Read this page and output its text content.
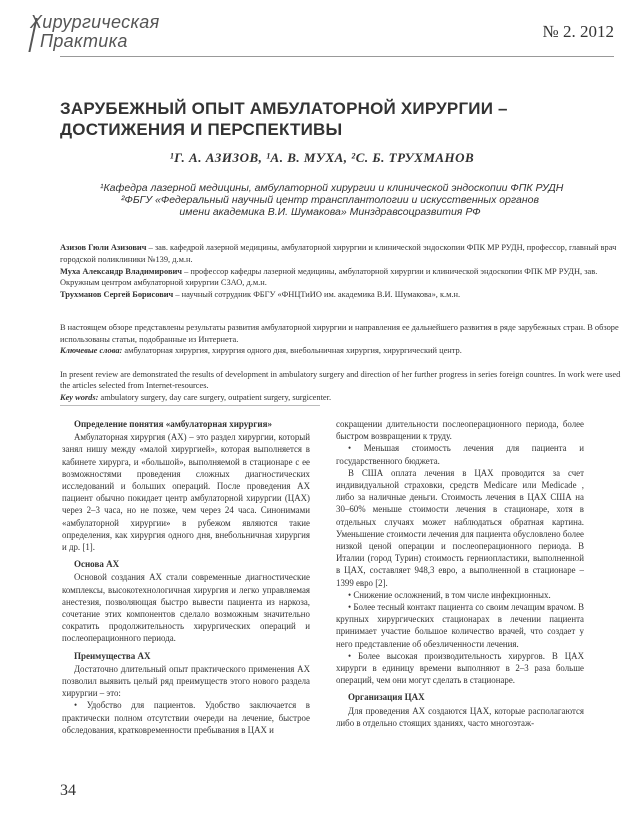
Хирургическая
Практика	№ 2. 2012
ЗАРУБЕЖНЫЙ ОПЫТ АМБУЛАТОРНОЙ ХИРУРГИИ – ДОСТИЖЕНИЯ И ПЕРСПЕКТИВЫ
¹Г. А. АЗИЗОВ, ¹А. В. МУХА, ²С. Б. ТРУХМАНОВ
¹Кафедра лазерной медицины, амбулаторной хирургии и клинической эндоскопии ФПК РУДН
²ФБГУ «Федеральный научный центр трансплантологии и искусственных органов
имени академика В.И. Шумакова» Минздравсоцразвития РФ

Азизов Гюли Азизович – зав. кафедрой лазерной медицины, амбулаторной хирургии и клинической эндоскопии ФПК МР РУДН, профессор, главный врач городской поликлиники №139, д.м.н.

Муха Александр Владимирович – профессор кафедры лазерной медицины, амбулаторной хирургии и клинической эндоскопии ФПК МР РУДН, зав. Окружным центром амбулаторной хирургии СЗАО, д.м.н.

Трухманов Сергей Борисович – научный сотрудник ФБГУ «ФНЦТиИО им. академика В.И. Шумакова», к.м.н.

В настоящем обзоре представлены результаты развития амбулаторной хирургии и направления ее дальнейшего развития в ряде зарубежных стран. В обзоре использованы статьи, подобранные из Интернета.

Ключевые слова: амбулаторная хирургия, хирургия одного дня, внебольничная хирургия, хирургический центр.

In present review are demonstrated the results of development in ambulatory surgery and direction of her further progress in series foreign countres. In work were used the articles selected from Internet-resources.

Key words: ambulatory surgery, day care surgery, outpatient surgery, surgicenter.

Определение понятия «амбулаторная хирургия»

Амбулаторная хирургия (АХ) – это раздел хирургии, который занял нишу между «малой хирургией», которая выполняется в кабинете хирурга, и «большой», выполняемой в стационаре с ее возможностями проведения сложных диагностических исследований и больших операций. После проведения АХ пациент обычно покидает центр амбулаторной хирургии (ЦАХ) через 2–3 часа, но не позже, чем через 24 часа. Синонимами «амбулаторной хирургии» в рубежом являются такие определения, как хирургия одного дня, внебольничная хирургия и др. [1].

Основа АХ

Основой создания АХ стали современные диагностические комплексы, высокотехнологичная хирургия и легко управляемая анестезия, позволяющая быстро вывести пациента из наркоза, сочетание этих компонентов сделало возможным значительно сократить продолжительность хирургических операций и послеоперационного периода.

Преимущества АХ

Достаточно длительный опыт практического применения АХ позволил выявить целый ряд преимуществ этого нового раздела хирургии – это:

• Удобство для пациентов. Удобство заключается в практически полном отсутствии очереди на лечение, быстрое обследования, кратковременности пребывания в ЦАХ и

сокращении длительности послеоперационного периода, более быстром возвращении к труду.

• Меньшая стоимость лечения для пациента и государственного бюджета.

В США оплата лечения в ЦАХ проводится за счет индивидуальной страховки, средств Medicare или Medicade , либо за наличные деньги. Стоимость лечения в ЦАХ США на 30–60% меньше стоимости лечения в стационаре, хотя в отдельных случаях может наблюдаться обратная картина. Уменьшение стоимости лечения для пациента обусловлено более низкой ценой операции и послеоперационного периода. В Италии (город Турин) стоимость герниопластики, выполненной в ЦАХ, составляет 948,3 евро, а выполненной в стационаре – 1399 евро [2].

• Снижение осложнений, в том числе инфекционных.

• Более тесный контакт пациента со своим лечащим врачом. В крупных хирургических стационарах в лечении пациента принимает участие большое количество врачей, что создает у него представление об обезличенности лечения.

• Более высокая производительность хирургов. В ЦАХ хирурги в единицу времени выполняют в 2–3 раза больше операций, чем они могут сделать в стационаре.

Организация ЦАХ

Для проведения АХ создаются ЦАХ, которые располагаются либо в отдельно стоящих зданиях, часто многоэтаж-

34
